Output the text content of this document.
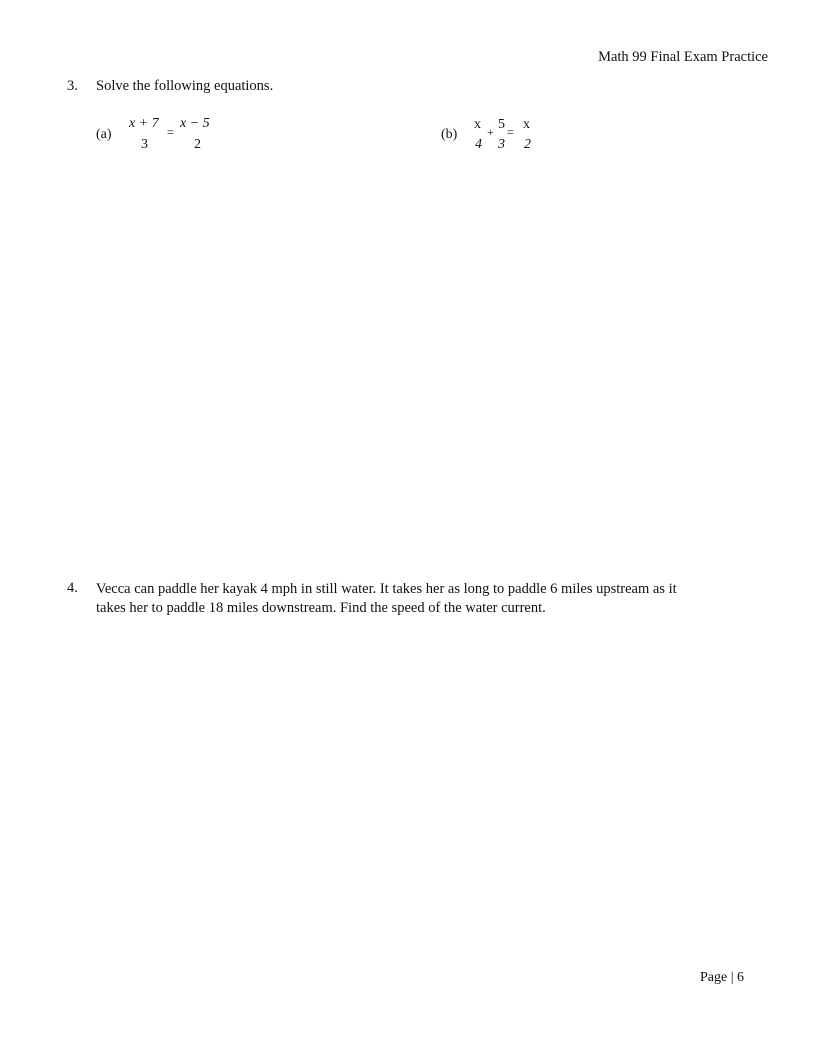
Math 99 Final Exam Practice
3. Solve the following equations.
(a)
x + 7
3
=
x − 5
2
(b)
x
4
+ 5
3
= x
2
4. Vecca can paddle her kayak 4 mph in still water. It takes her as long to paddle 6 miles upstream as it
takes her to paddle 18 miles downstream. Find the speed of the water current.
Page | 6
